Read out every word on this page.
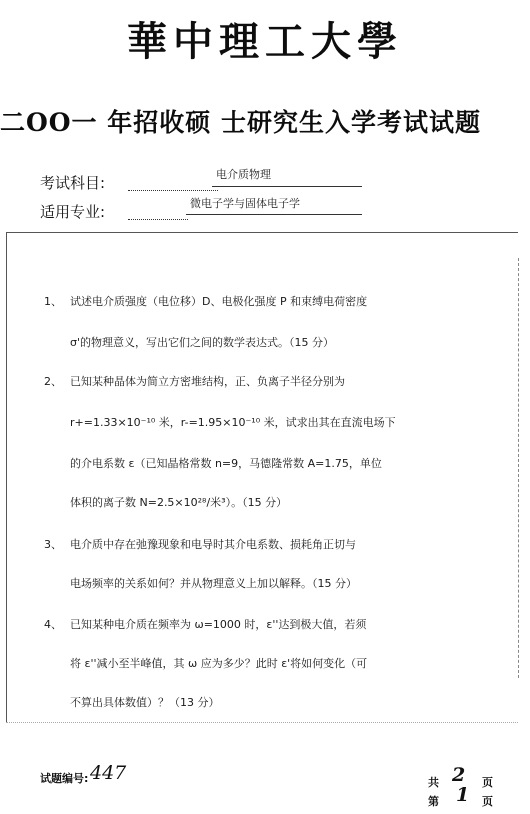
華中理工大學
二OO一 年招收硕 士研究生入学考试试题
考试科目:	电介质物理
适用专业:	微电子学与固体电子学
1、 试述电介质强度（电位移）D、电极化强度 P 和束缚电荷密度
σ'的物理意义，写出它们之间的数学表达式。（15 分）
2、 已知某种晶体为简立方密堆结构，正、负离子半径分别为
r+=1.33×10⁻¹⁰ 米，r-=1.95×10⁻¹⁰ 米，试求出其在直流电场下
的介电系数 ε（已知晶格常数 n=9，马德隆常数 A=1.75，单位
体积的离子数 N=2.5×10²⁸/米³）。（15 分）
3、 电介质中存在弛豫现象和电导时其介电系数、损耗角正切与
电场频率的关系如何？并从物理意义上加以解释。（15 分）
4、 已知某种电介质在频率为 ω=1000 时，ε''达到极大值，若须
将 ε''减小至半峰值，其 ω 应为多少？此时 ε'将如何变化（可
不算出具体数值）？（13 分）
试题编号: 447	共 2 页
第 1 页
